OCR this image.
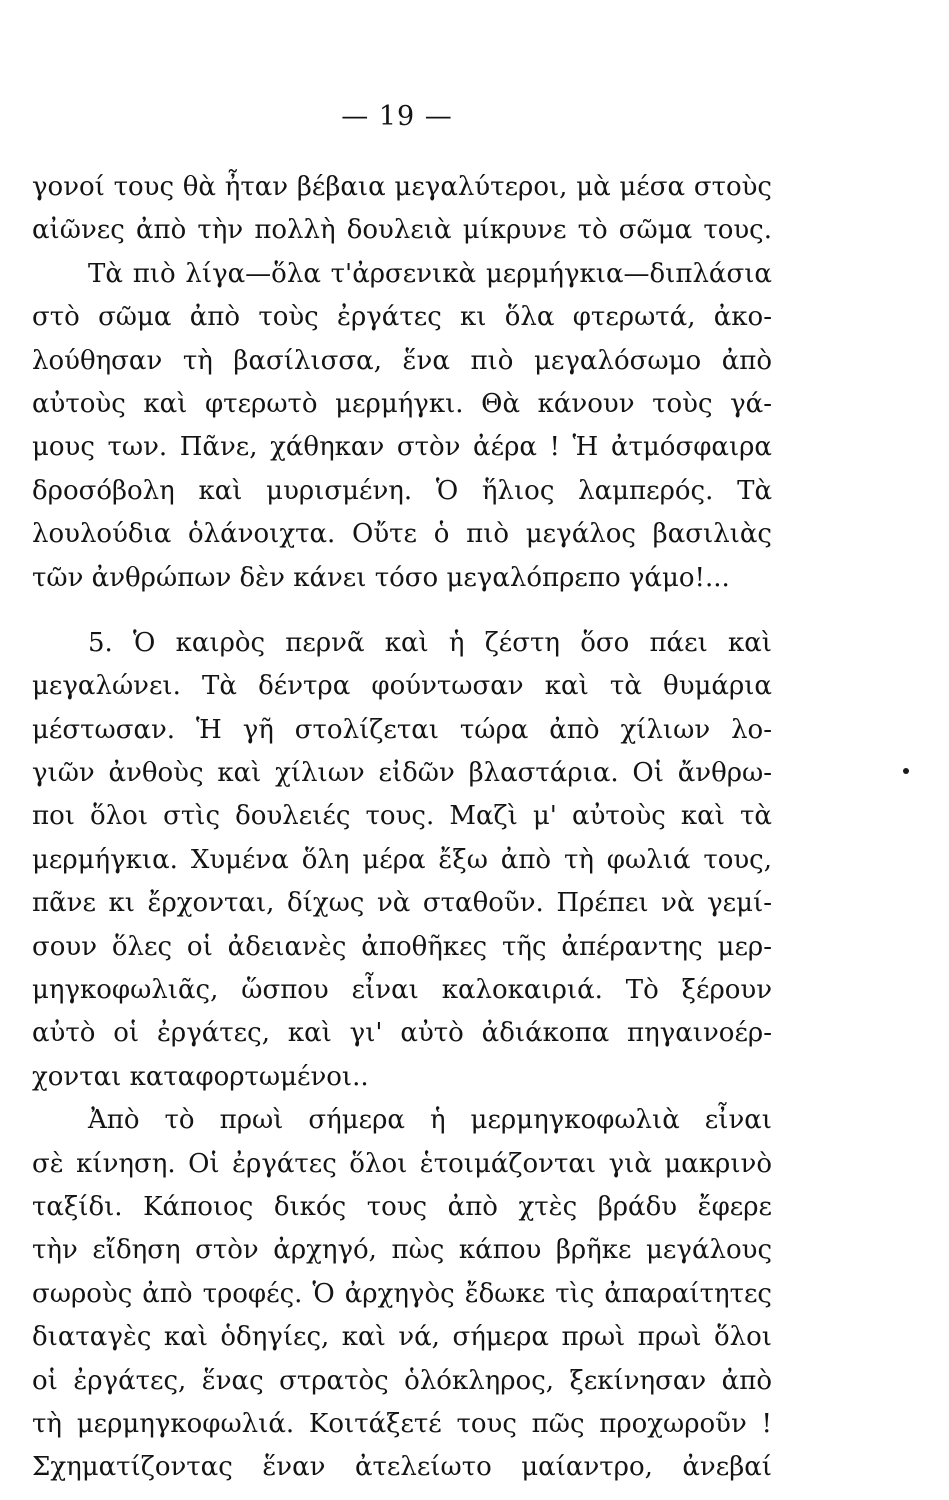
— 19 —
γονοί τους θὰ ἦταν βέβαια μεγαλύτεροι, μὰ μέσα στοὺς
αἰῶνες ἀπὸ τὴν πολλὴ δουλειὰ μίκρυνε τὸ σῶμα τους.
Τὰ πιὸ λίγα—ὅλα τ'ἀρσενικὰ μερμήγκια—διπλάσια
στὸ σῶμα ἀπὸ τοὺς ἐργάτες κι ὅλα φτερωτά, ἀκο-
λούθησαν τὴ βασίλισσα, ἕνα πιὸ μεγαλόσωμο ἀπὸ
αὐτοὺς καὶ φτερωτὸ μερμήγκι. Θὰ κάνουν τοὺς γά-
μους των. Πᾶνε, χάθηκαν στὸν ἀέρα ! Ἡ ἀτμόσφαιρα
δροσόβολη καὶ μυρισμένη. Ὁ ἥλιος λαμπερός. Τὰ
λουλούδια ὁλάνοιχτα. Οὔτε ὁ πιὸ μεγάλος βασιλιὰς
τῶν ἀνθρώπων δὲν κάνει τόσο μεγαλόπρεπο γάμο!...
5. Ὁ καιρὸς περνᾶ καὶ ἡ ζέστη ὅσο πάει καὶ
μεγαλώνει. Τὰ δέντρα φούντωσαν καὶ τὰ θυμάρια
μέστωσαν. Ἡ γῆ στολίζεται τώρα ἀπὸ χίλιων λο-
γιῶν ἀνθοὺς καὶ χίλιων εἰδῶν βλαστάρια. Οἱ ἄνθρω-
ποι ὅλοι στὶς δουλειές τους. Μαζὶ μ' αὐτοὺς καὶ τὰ
μερμήγκια. Χυμένα ὅλη μέρα ἔξω ἀπὸ τὴ φωλιά τους,
πᾶνε κι ἔρχονται, δίχως νὰ σταθοῦν. Πρέπει νὰ γεμί-
σουν ὅλες οἱ ἀδειανὲς ἀποθῆκες τῆς ἀπέραντης μερ-
μηγκοφωλιᾶς, ὥσπου εἶναι καλοκαιριά. Τὸ ξέρουν
αὐτὸ οἱ ἐργάτες, καὶ γι' αὐτὸ ἀδιάκοπα πηγαινοέρ-
χονται καταφορτωμένοι..
Ἀπὸ τὸ πρωὶ σήμερα ἡ μερμηγκοφωλιὰ εἶναι
σὲ κίνηση. Οἱ ἐργάτες ὅλοι ἑτοιμάζονται γιὰ μακρινὸ
ταξίδι. Κάποιος δικός τους ἀπὸ χτὲς βράδυ ἔφερε
τὴν εἴδηση στὸν ἀρχηγό, πὼς κάπου βρῆκε μεγάλους
σωροὺς ἀπὸ τροφές. Ὁ ἀρχηγὸς ἔδωκε τὶς ἀπαραίτητες
διαταγὲς καὶ ὁδηγίες, καὶ νά, σήμερα πρωὶ πρωὶ ὅλοι
οἱ ἐργάτες, ἕνας στρατὸς ὁλόκληρος, ξεκίνησαν ἀπὸ
τὴ μερμηγκοφωλιά. Κοιτάξετέ τους πῶς προχωροῦν !
Σχηματίζοντας ἕναν ἀτελείωτο μαίαντρο, ἀνεβαί
